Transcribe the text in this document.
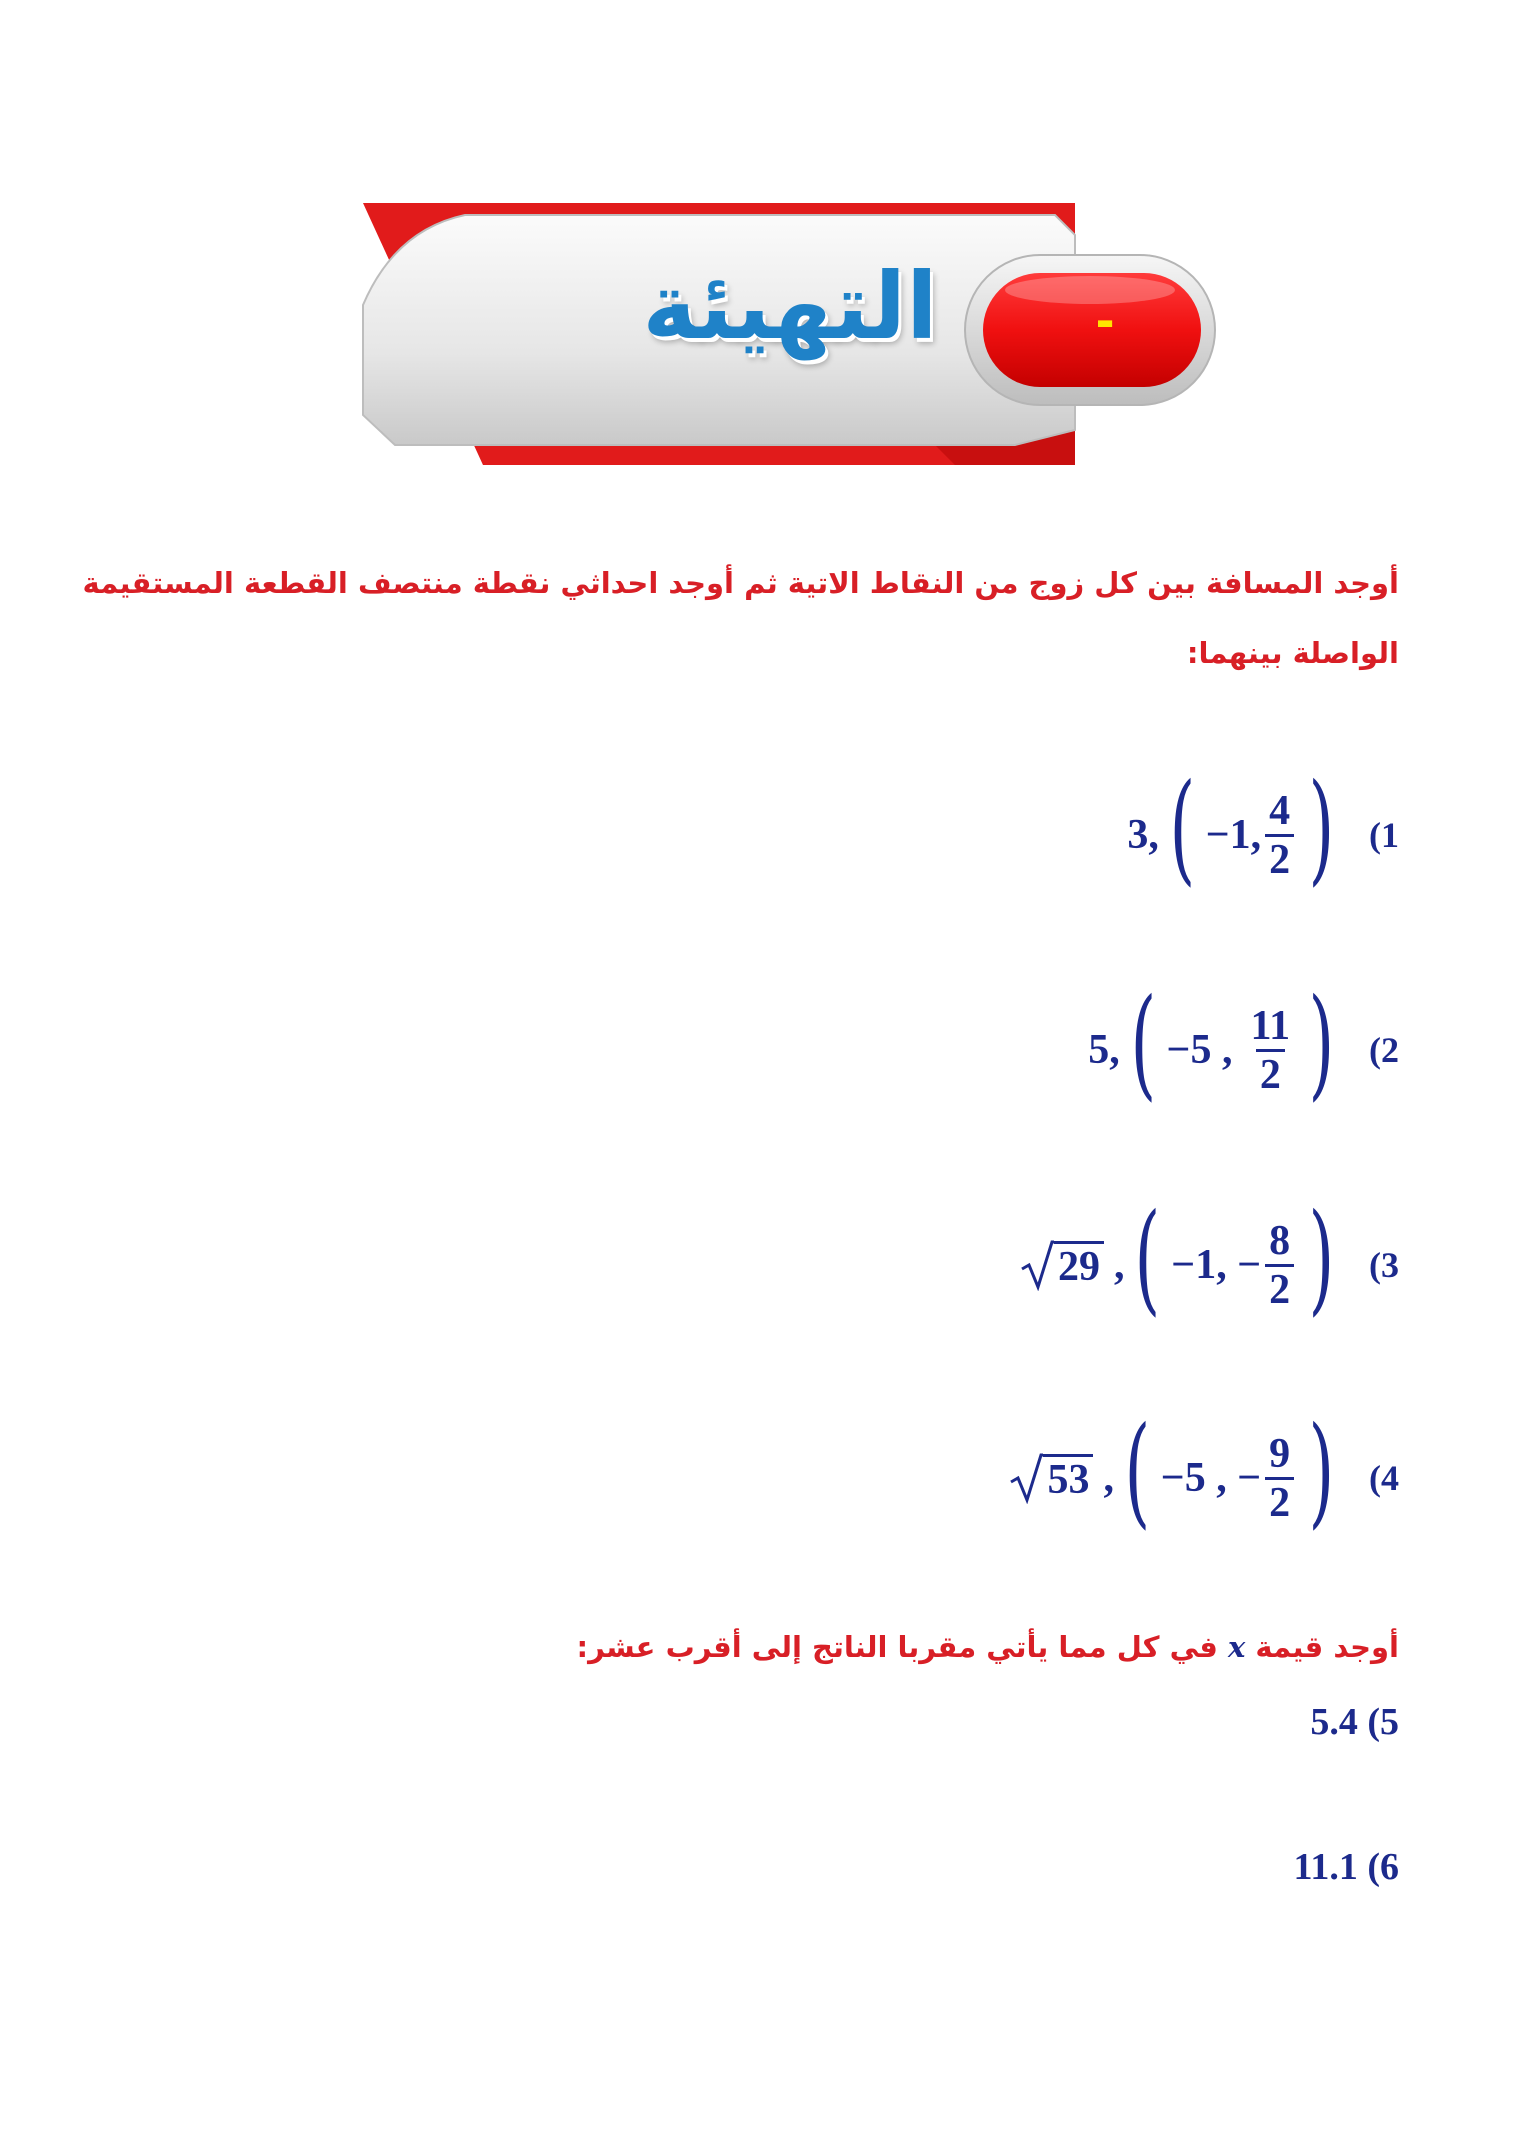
التهيئة	-
أوجد المسافة بين كل زوج من النقاط الاتية ثم أوجد احداثي نقطة منتصف القطعة المستقيمة
الواصلة بينهما:
3, ( −1, $\frac{4}{2}$ ) (1
5, ( −5 , $\frac{11}{2}$ ) (2
29 , ( −1, − $\frac{8}{2}$ ) (3
53 , ( −5 , − $\frac{9}{2}$ ) (4
أوجد قيمة x في كل مما يأتي مقربا الناتج إلى أقرب عشر:
5.4 (5
11.1 (6
